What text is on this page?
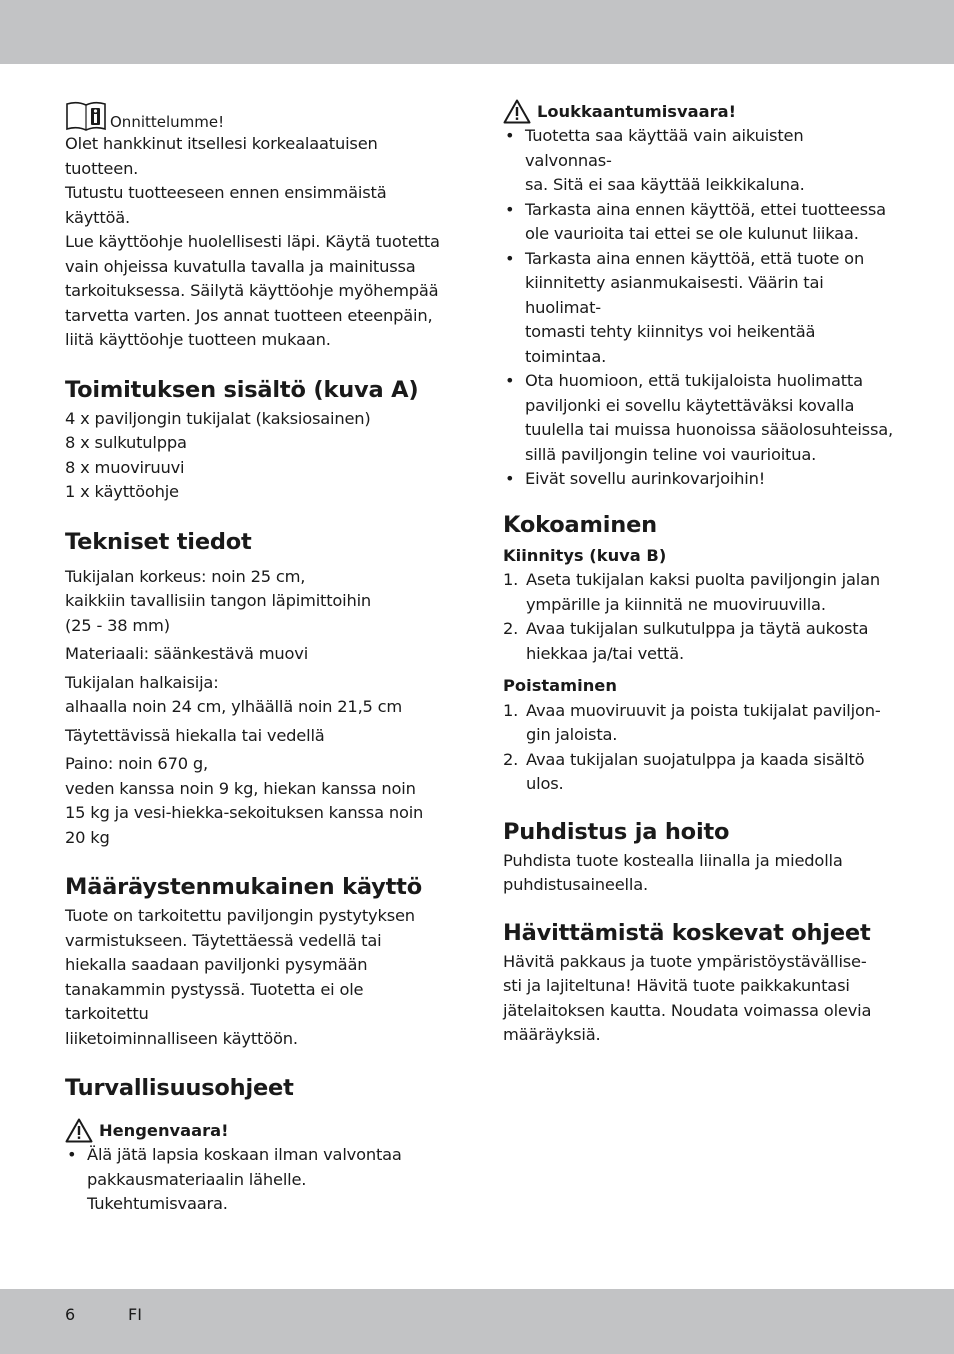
Onnittelumme!

Olet hankkinut itsellesi korkealaatuisen tuotteen.

Tutustu tuotteeseen ennen ensimmäistä käyttöä.

Lue käyttöohje huolellisesti läpi. Käytä tuotetta

vain ohjeissa kuvatulla tavalla ja mainitussa

tarkoituksessa. Säilytä käyttöohje myöhempää

tarvetta varten. Jos annat tuotteen eteenpäin,

liitä käyttöohje tuotteen mukaan.

Toimituksen sisältö (kuva A)

4 x paviljongin tukijalat (kaksiosainen)

8 x sulkutulppa

8 x muoviruuvi

1 x käyttöohje

Tekniset tiedot

Tukijalan korkeus: noin 25 cm,

kaikkiin tavallisiin tangon läpimittoihin

(25 - 38 mm)

Materiaali: säänkestävä muovi

Tukijalan halkaisija:

alhaalla noin 24 cm, ylhäällä noin 21,5 cm

Täytettävissä hiekalla tai vedellä

Paino: noin 670 g,

veden kanssa noin 9 kg, hiekan kanssa noin

15 kg ja vesi-hiekka-sekoituksen kanssa noin

20 kg

Määräystenmukainen käyttö

Tuote on tarkoitettu paviljongin pystytyksen

varmistukseen. Täytettäessä vedellä tai

hiekalla saadaan paviljonki pysymään

tanakammin pystyssä. Tuotetta ei ole tarkoitettu

liiketoiminnalliseen käyttöön.

Turvallisuusohjeet
Hengenvaara!
• Älä jätä lapsia koskaan ilman valvontaa
pakkausmateriaalin lähelle. Tukehtumisvaara.
Loukkaantumisvaara!
• Tuotetta saa käyttää vain aikuisten valvonnas-
sa. Sitä ei saa käyttää leikkikaluna.
• Tarkasta aina ennen käyttöä, ettei tuotteessa
ole vaurioita tai ettei se ole kulunut liikaa.
• Tarkasta aina ennen käyttöä, että tuote on
kiinnitetty asianmukaisesti. Väärin tai huolimat-
tomasti tehty kiinnitys voi heikentää toimintaa.
• Ota huomioon, että tukijaloista huolimatta
paviljonki ei sovellu käytettäväksi kovalla
tuulella tai muissa huonoissa sääolosuhteissa,
sillä paviljongin teline voi vaurioitua.
• Eivät sovellu aurinkovarjoihin!
Kokoaminen
Kiinnitys (kuva B)
1. Aseta tukijalan kaksi puolta paviljongin jalan
ympärille ja kiinnitä ne muoviruuvilla.
2. Avaa tukijalan sulkutulppa ja täytä aukosta
hiekkaa ja/tai vettä.
Poistaminen
1. Avaa muoviruuvit ja poista tukijalat paviljon-
gin jaloista.
2. Avaa tukijalan suojatulppa ja kaada sisältö
ulos.
Puhdistus ja hoito

Puhdista tuote kostealla liinalla ja miedolla

puhdistusaineella.

Hävittämistä koskevat ohjeet

Hävitä pakkaus ja tuote ympäristöystävällise-

sti ja lajiteltuna! Hävitä tuote paikkakuntasi

jätelaitoksen kautta. Noudata voimassa olevia

määräyksiä.

6	FI
